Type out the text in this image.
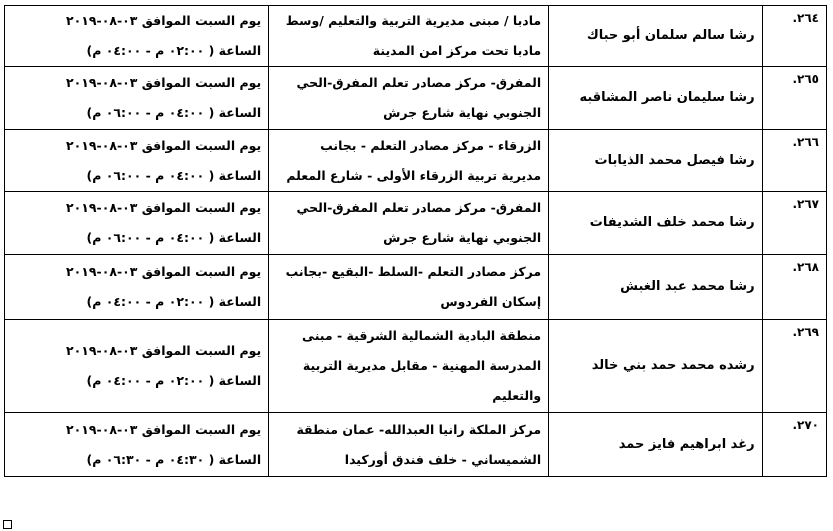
٢٦٤.	رشا سالم سلمان أبو حباك	مادبا / مبنى مديرية التربية والتعليم /وسط
مادبا تحت مركز امن المدينة	يوم السبت الموافق ٠٣-٠٨-٢٠١٩
الساعة ( ٠٢:٠٠ م - ٠٤:٠٠ م)

٢٦٥.	رشا سليمان ناصر المشاقبه	المفرق- مركز مصادر تعلم المفرق-الحي
الجنوبي نهاية شارع جرش	يوم السبت الموافق ٠٣-٠٨-٢٠١٩
الساعة ( ٠٤:٠٠ م - ٠٦:٠٠ م)

٢٦٦.	رشا فيصل محمد الذيابات	الزرقاء - مركز مصادر التعلم - بجانب
مديرية تربية الزرقاء الأولى - شارع المعلم	يوم السبت الموافق ٠٣-٠٨-٢٠١٩
الساعة ( ٠٤:٠٠ م - ٠٦:٠٠ م)

٢٦٧.	رشا محمد خلف الشديفات	المفرق- مركز مصادر تعلم المفرق-الحي
الجنوبي نهاية شارع جرش	يوم السبت الموافق ٠٣-٠٨-٢٠١٩
الساعة ( ٠٤:٠٠ م - ٠٦:٠٠ م)

٢٦٨.	رشا محمد عبد الغبش	مركز مصادر التعلم -السلط -البقيع -بجانب
إسكان الفردوس	يوم السبت الموافق ٠٣-٠٨-٢٠١٩
الساعة ( ٠٢:٠٠ م - ٠٤:٠٠ م)

٢٦٩.	رشده محمد حمد بني خالد	منطقة البادية الشمالية الشرقية - مبنى
المدرسة المهنية - مقابل مديرية التربية
والتعليم	يوم السبت الموافق ٠٣-٠٨-٢٠١٩
الساعة ( ٠٢:٠٠ م - ٠٤:٠٠ م)

٢٧٠.	رغد ابراهيم فايز حمد	مركز الملكة رانيا العبدالله- عمان منطقة
الشميساني - خلف فندق أوركيدا	يوم السبت الموافق ٠٣-٠٨-٢٠١٩
الساعة ( ٠٤:٣٠ م - ٠٦:٣٠ م)
